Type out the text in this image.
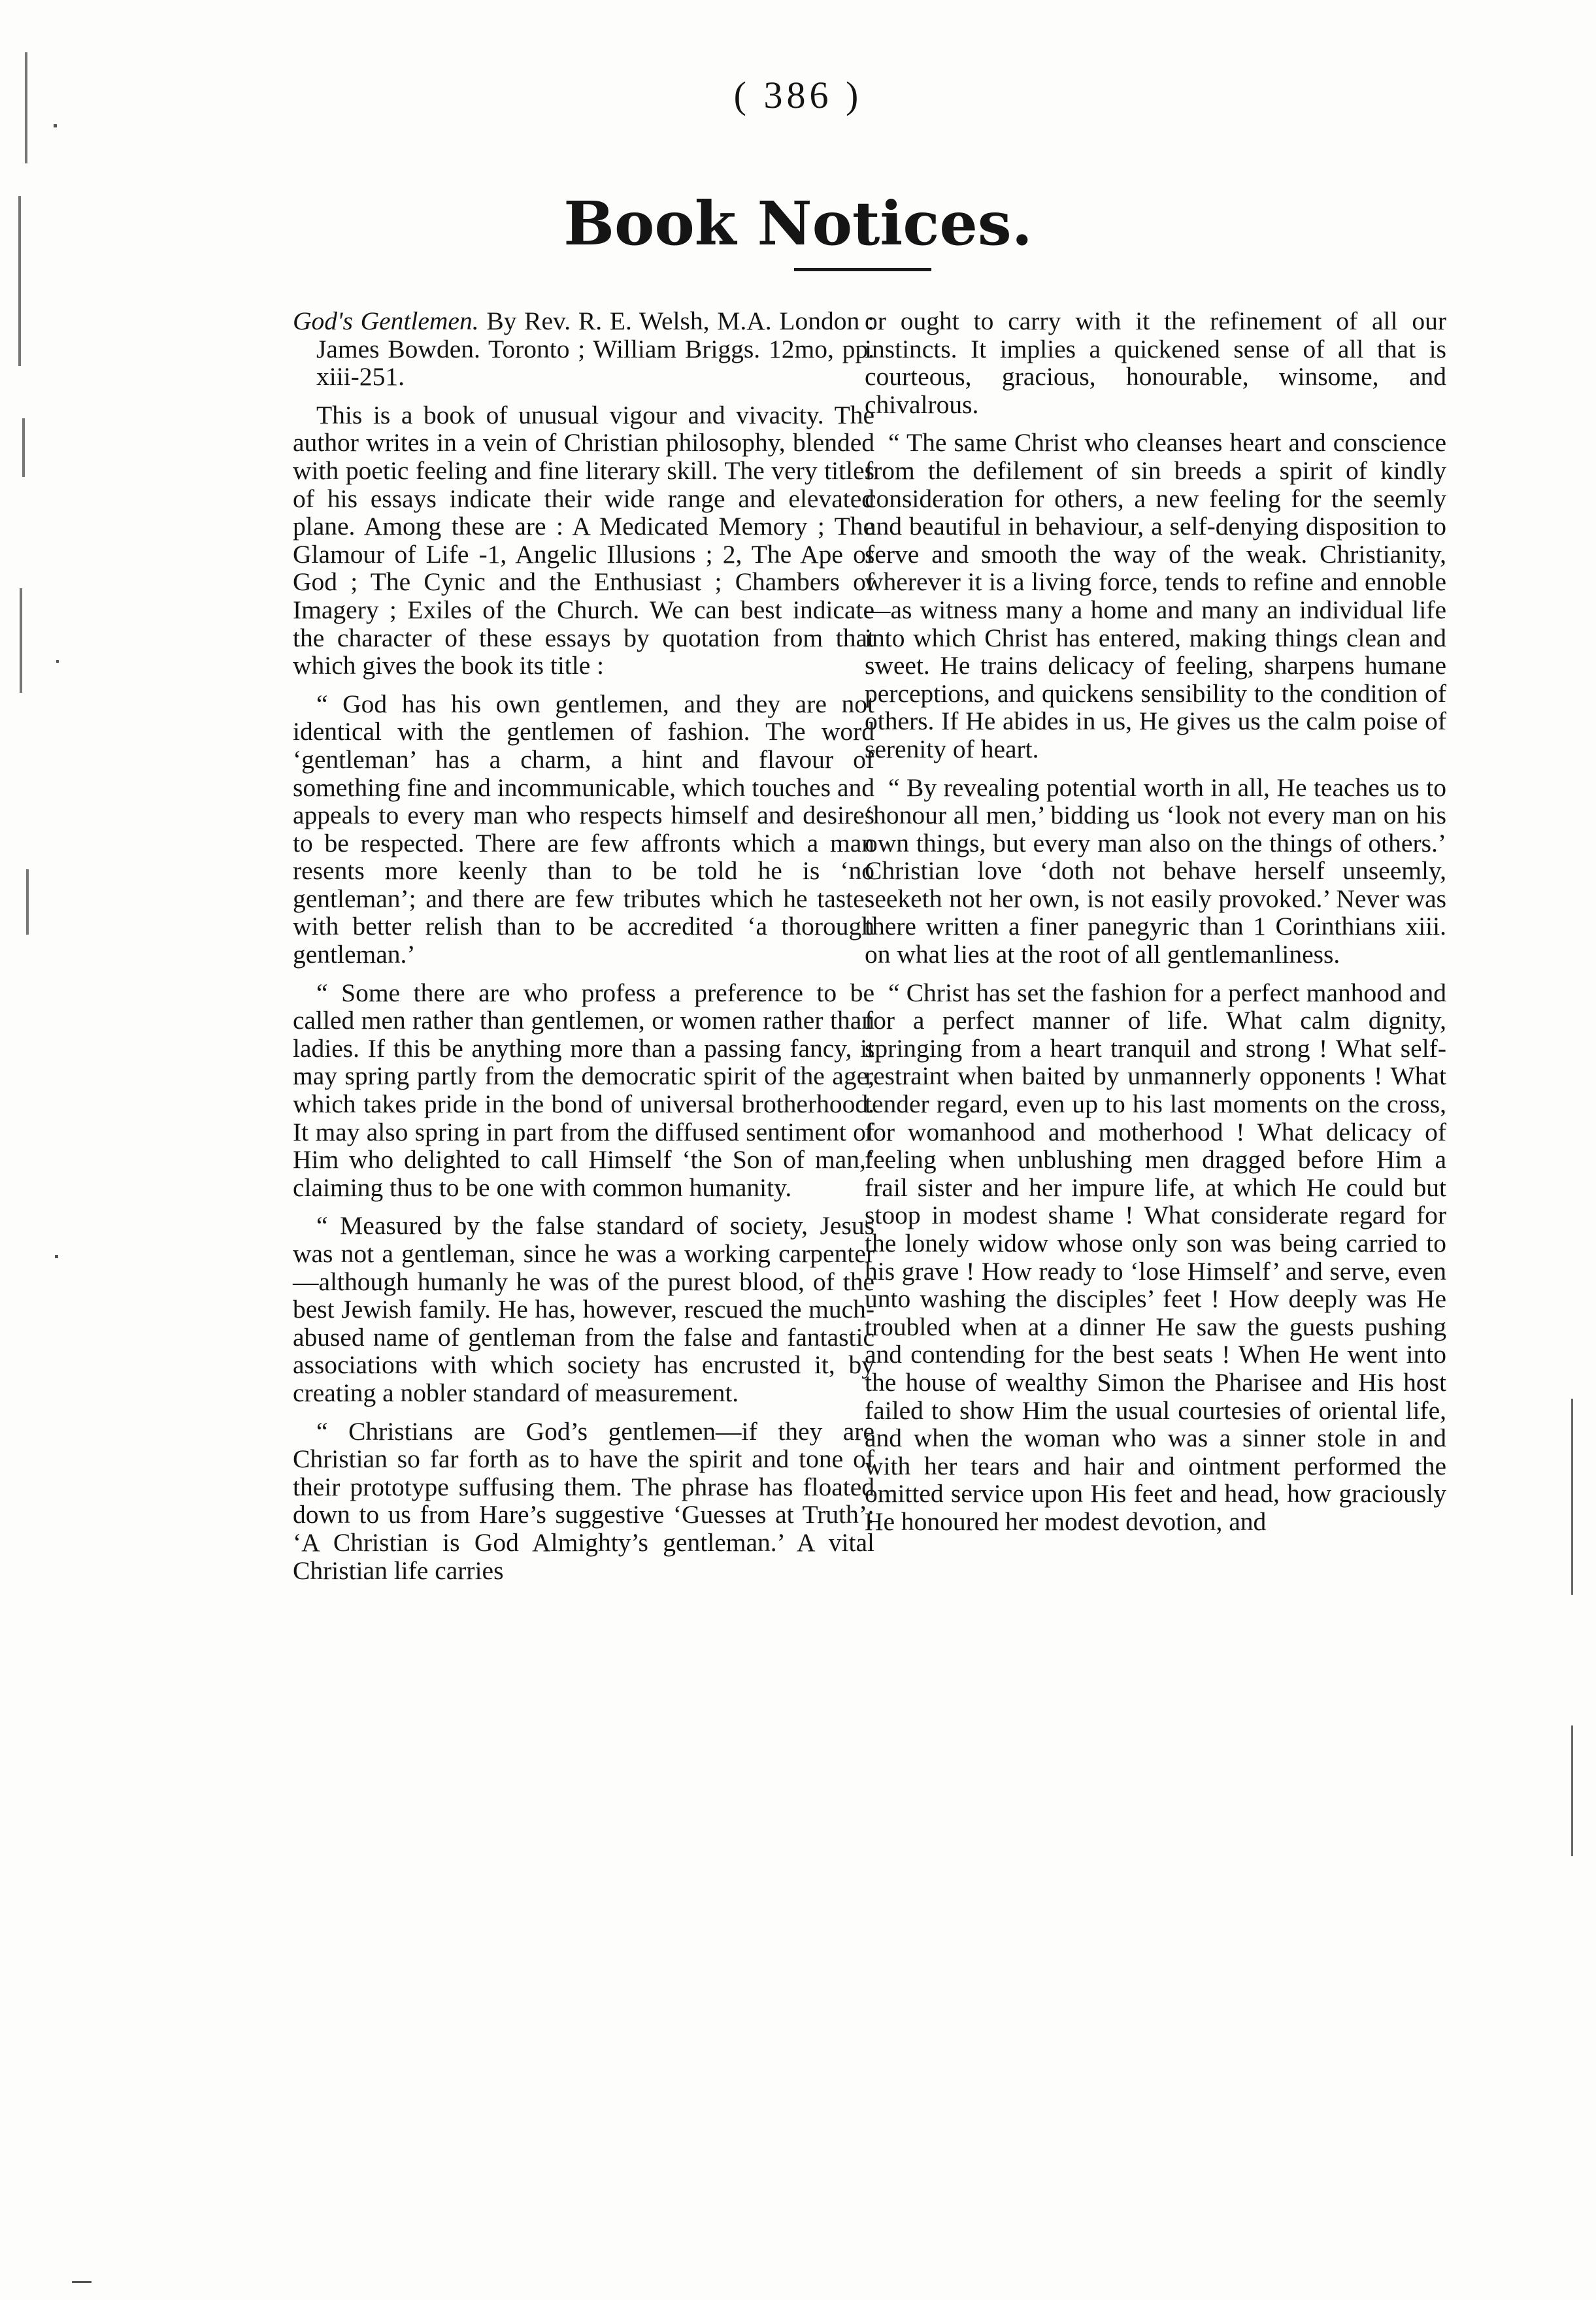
( 386 )
Book Notices.
God's Gentlemen. By Rev. R. E. Welsh, M.A. London : James Bowden. Toronto ; William Briggs. 12mo, pp. xiii-251.

This is a book of unusual vigour and vivacity. The author writes in a vein of Christian philosophy, blended with poetic feeling and fine literary skill. The very titles of his essays indicate their wide range and elevated plane. Among these are : A Medicated Memory ; The Glamour of Life -1, Angelic Illusions ; 2, The Ape of God ; The Cynic and the Enthusiast ; Chambers of Imagery ; Exiles of the Church. We can best indicate the character of these essays by quotation from that which gives the book its title :

“ God has his own gentlemen, and they are not identical with the gentlemen of fashion. The word ‘gentleman’ has a charm, a hint and flavour of something fine and incommunicable, which touches and appeals to every man who respects himself and desires to be respected. There are few affronts which a man resents more keenly than to be told he is ‘no gentleman’; and there are few tributes which he tastes with better relish than to be accredited ‘a thorough gentleman.’

“ Some there are who profess a preference to be called men rather than gentlemen, or women rather than ladies. If this be anything more than a passing fancy, it may spring partly from the democratic spirit of the age, which takes pride in the bond of universal brotherhood. It may also spring in part from the diffused sentiment of Him who delighted to call Himself ‘the Son of man,’ claiming thus to be one with common humanity.

“ Measured by the false standard of society, Jesus was not a gentleman, since he was a working carpenter—although humanly he was of the purest blood, of the best Jewish family. He has, however, rescued the much-abused name of gentleman from the false and fantastic associations with which society has encrusted it, by creating a nobler standard of measurement.

“ Christians are God’s gentlemen—if they are Christian so far forth as to have the spirit and tone of their prototype suffusing them. The phrase has floated down to us from Hare’s suggestive ‘Guesses at Truth’: ‘A Christian is God Almighty’s gentleman.’ A vital Christian life carries

or ought to carry with it the refinement of all our instincts. It implies a quickened sense of all that is courteous, gracious, honourable, winsome, and chivalrous.

“ The same Christ who cleanses heart and conscience from the defilement of sin breeds a spirit of kindly consideration for others, a new feeling for the seemly and beautiful in behaviour, a self-denying disposition to serve and smooth the way of the weak. Christianity, wherever it is a living force, tends to refine and ennoble —as witness many a home and many an individual life into which Christ has entered, making things clean and sweet. He trains delicacy of feeling, sharpens humane perceptions, and quickens sensibility to the condition of others. If He abides in us, He gives us the calm poise of serenity of heart.

“ By revealing potential worth in all, He teaches us to ‘honour all men,’ bidding us ‘look not every man on his own things, but every man also on the things of others.’ Christian love ‘doth not behave herself unseemly, seeketh not her own, is not easily provoked.’ Never was there written a finer panegyric than 1 Corinthians xiii. on what lies at the root of all gentlemanliness.

“ Christ has set the fashion for a perfect manhood and for a perfect manner of life. What calm dignity, springing from a heart tranquil and strong ! What self-restraint when baited by unmannerly opponents ! What tender regard, even up to his last moments on the cross, for womanhood and motherhood ! What delicacy of feeling when unblushing men dragged before Him a frail sister and her impure life, at which He could but stoop in modest shame ! What considerate regard for the lonely widow whose only son was being carried to his grave ! How ready to ‘lose Himself’ and serve, even unto washing the disciples’ feet ! How deeply was He troubled when at a dinner He saw the guests pushing and contending for the best seats ! When He went into the house of wealthy Simon the Pharisee and His host failed to show Him the usual courtesies of oriental life, and when the woman who was a sinner stole in and with her tears and hair and ointment performed the omitted service upon His feet and head, how graciously He honoured her modest devotion, and
